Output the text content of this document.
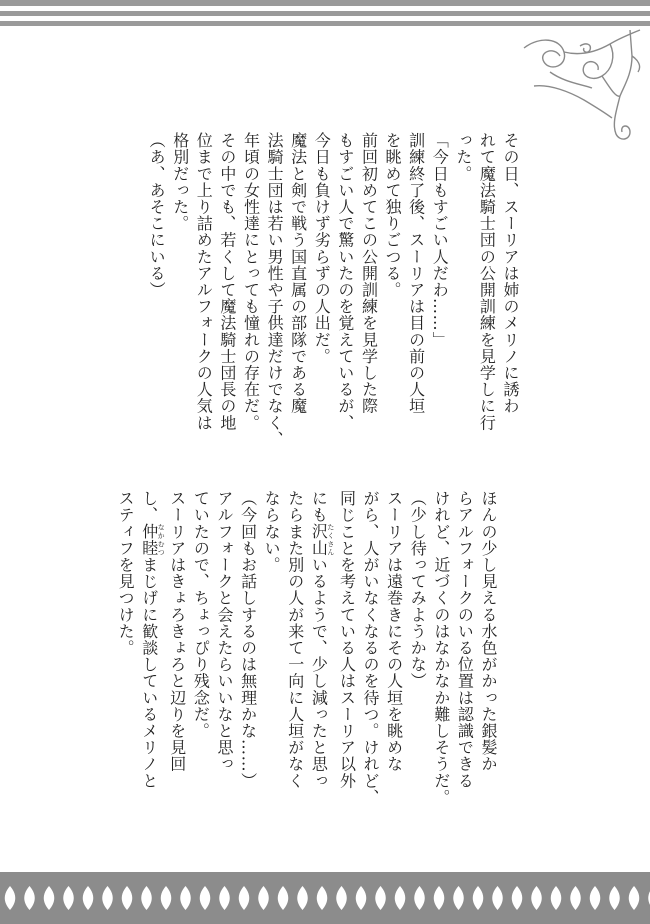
その日、スーリアは姉のメリノに誘わ
れて魔法騎士団の公開訓練を見学しに行
った。
「今日もすごい人だわ……」
訓練終了後、スーリアは目の前の人垣
を眺めて独りごつる。
前回初めてこの公開訓練を見学した際
もすごい人で驚いたのを覚えているが、
今日も負けず劣らずの人出だ。
魔法と剣で戦う国直属の部隊である魔
法騎士団は若い男性や子供達だけでなく、
年頃の女性達にとっても憧れの存在だ。
その中でも、若くして魔法騎士団長の地
位まで上り詰めたアルフォークの人気は
格別だった。
（あ、あそこにいる）
ほんの少し見える水色がかった銀髪か
らアルフォークのいる位置は認識できる
けれど、近づくのはなかなか難しそうだ。
（少し待ってみようかな）
スーリアは遠巻きにその人垣を眺めな
がら、人がいなくなるのを待つ。けれど、
同じことを考えている人はスーリア以外
にも沢山たくさんいるようで、少し減ったと思っ
たらまた別の人が来て一向に人垣がなく
ならない。
（今回もお話しするのは無理かな……）
アルフォークと会えたらいいなと思っ
ていたので、ちょっぴり残念だ。
スーリアはきょろきょろと辺りを見回
し、仲睦なかむつまじげに歓談しているメリノと
スティフを見つけた。
